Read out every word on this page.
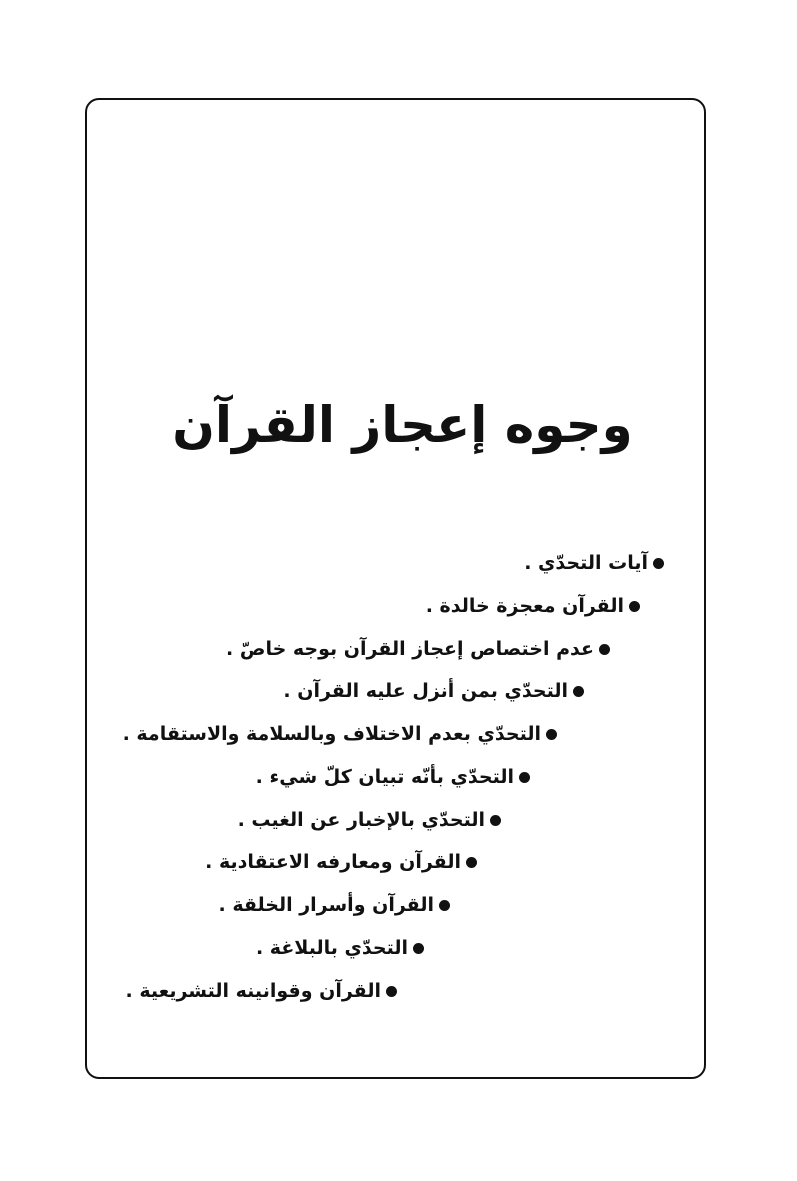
وجوه إعجاز القرآن
آيات التحدّي .
القرآن معجزة خالدة .
عدم اختصاص إعجاز القرآن بوجه خاصّ .
التحدّي بمن أنزل عليه القرآن .
التحدّي بعدم الاختلاف وبالسلامة والاستقامة .
التحدّي بأنّه تبيان كلّ شيء .
التحدّي بالإخبار عن الغيب .
القرآن ومعارفه الاعتقادية .
القرآن وأسرار الخلقة .
التحدّي بالبلاغة .
القرآن وقوانينه التشريعية .
